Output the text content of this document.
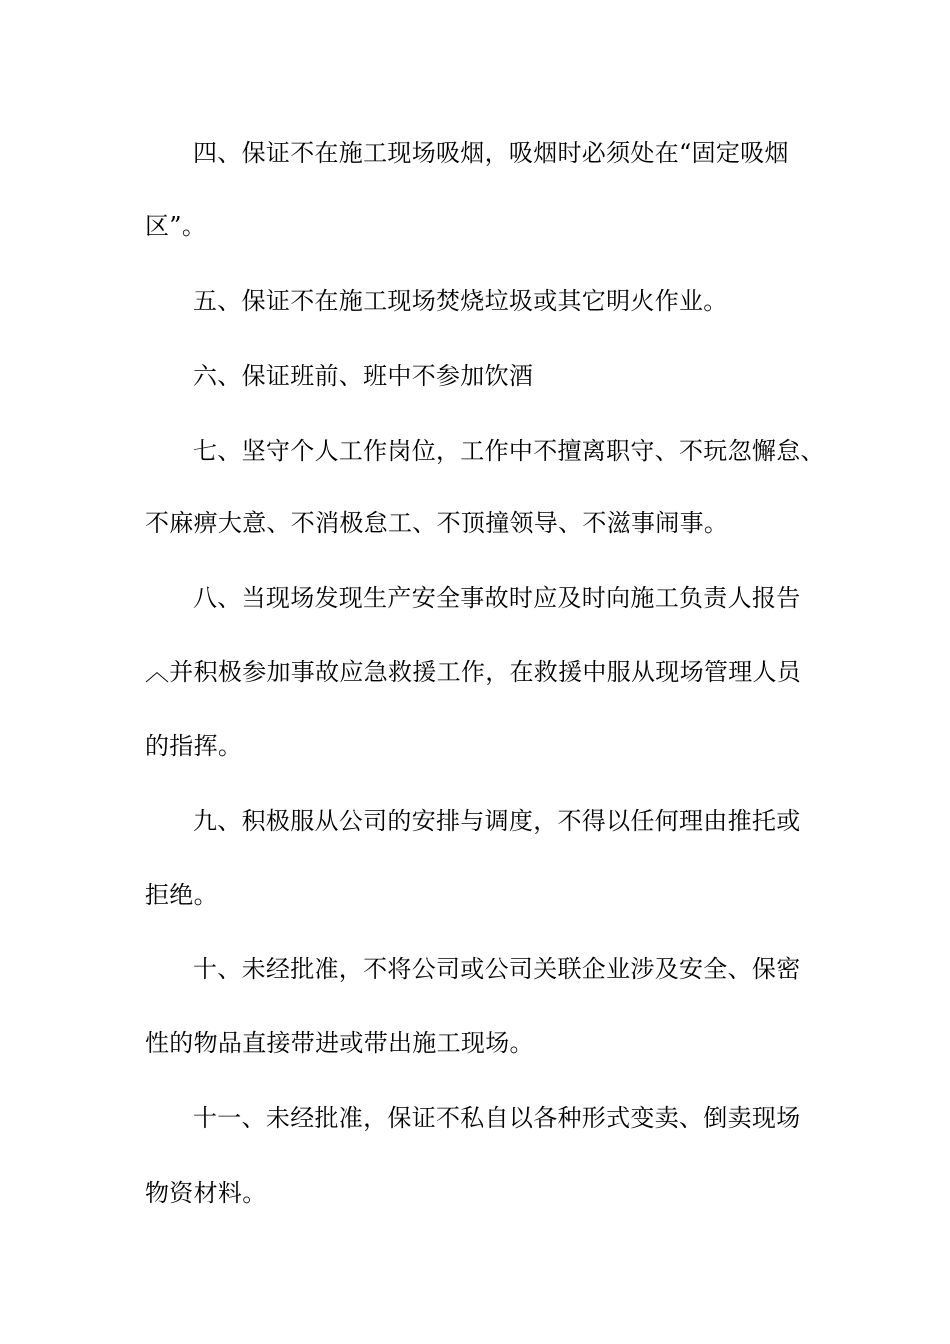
四、保证不在施工现场吸烟，吸烟时必须处在“固定吸烟
区”。
五、保证不在施工现场焚烧垃圾或其它明火作业。
六、保证班前、班中不参加饮酒
七、坚守个人工作岗位，工作中不擅离职守、不玩忽懈怠、
不麻痹大意、不消极怠工、不顶撞领导、不滋事闹事。
八、当现场发现生产安全事故时应及时向施工负责人报告
︿并积极参加事故应急救援工作，在救援中服从现场管理人员
的指挥。
九、积极服从公司的安排与调度，不得以任何理由推托或
拒绝。
十、未经批准，不将公司或公司关联企业涉及安全、保密
性的物品直接带进或带出施工现场。
十一、未经批准，保证不私自以各种形式变卖、倒卖现场
物资材料。
